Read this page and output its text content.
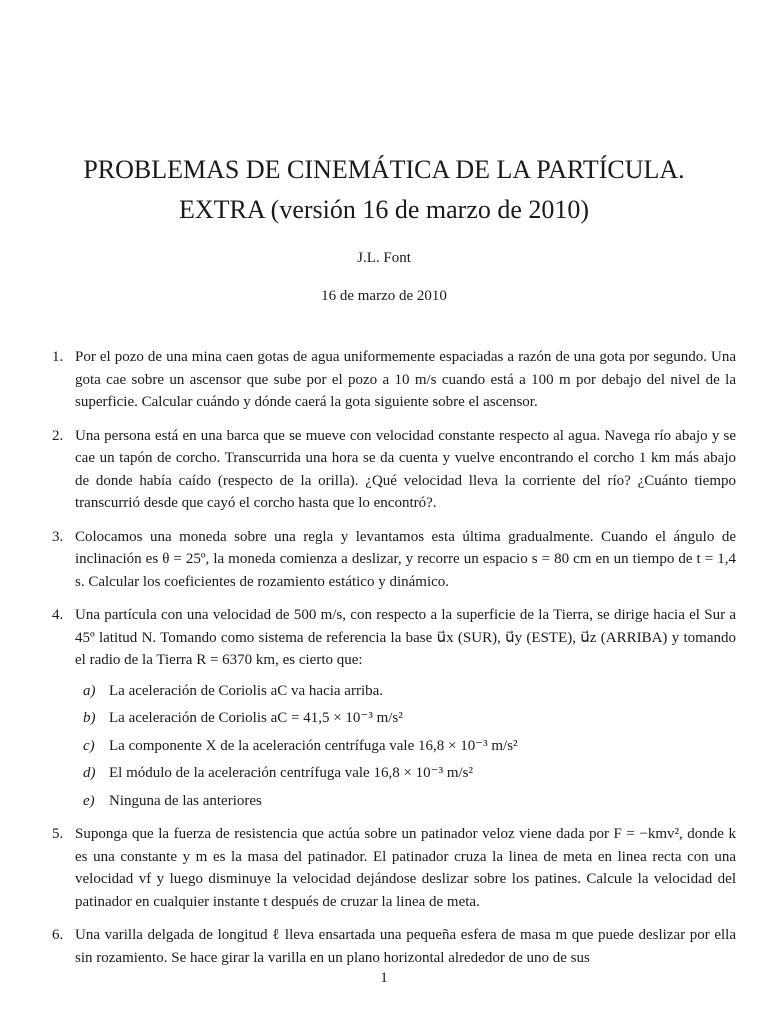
PROBLEMAS DE CINEMÁTICA DE LA PARTÍCULA.
EXTRA (versión 16 de marzo de 2010)
J.L. Font
16 de marzo de 2010
1. Por el pozo de una mina caen gotas de agua uniformemente espaciadas a razón de una gota por segundo. Una gota cae sobre un ascensor que sube por el pozo a 10 m/s cuando está a 100 m por debajo del nivel de la superficie. Calcular cuándo y dónde caerá la gota siguiente sobre el ascensor.
2. Una persona está en una barca que se mueve con velocidad constante respecto al agua. Navega río abajo y se cae un tapón de corcho. Transcurrida una hora se da cuenta y vuelve encontrando el corcho 1 km más abajo de donde había caído (respecto de la orilla). ¿Qué velocidad lleva la corriente del río? ¿Cuánto tiempo transcurrió desde que cayó el corcho hasta que lo encontró?.
3. Colocamos una moneda sobre una regla y levantamos esta última gradualmente. Cuando el ángulo de inclinación es θ = 25º, la moneda comienza a deslizar, y recorre un espacio s = 80 cm en un tiempo de t = 1,4 s. Calcular los coeficientes de rozamiento estático y dinámico.
4. Una partícula con una velocidad de 500 m/s, con respecto a la superficie de la Tierra, se dirige hacia el Sur a 45º latitud N. Tomando como sistema de referencia la base u⃗x (SUR), u⃗y (ESTE), u⃗z (ARRIBA) y tomando el radio de la Tierra R = 6370 km, es cierto que:
a) La aceleración de Coriolis aC va hacia arriba.
b) La aceleración de Coriolis aC = 41,5 × 10⁻³ m/s²
c) La componente X de la aceleración centrífuga vale 16,8 × 10⁻³ m/s²
d) El módulo de la aceleración centrífuga vale 16,8 × 10⁻³ m/s²
e) Ninguna de las anteriores
5. Suponga que la fuerza de resistencia que actúa sobre un patinador veloz viene dada por F = −kmv², donde k es una constante y m es la masa del patinador. El patinador cruza la linea de meta en linea recta con una velocidad vf y luego disminuye la velocidad dejándose deslizar sobre los patines. Calcule la velocidad del patinador en cualquier instante t después de cruzar la linea de meta.
6. Una varilla delgada de longitud ℓ lleva ensartada una pequeña esfera de masa m que puede deslizar por ella sin rozamiento. Se hace girar la varilla en un plano horizontal alrededor de uno de sus
1
